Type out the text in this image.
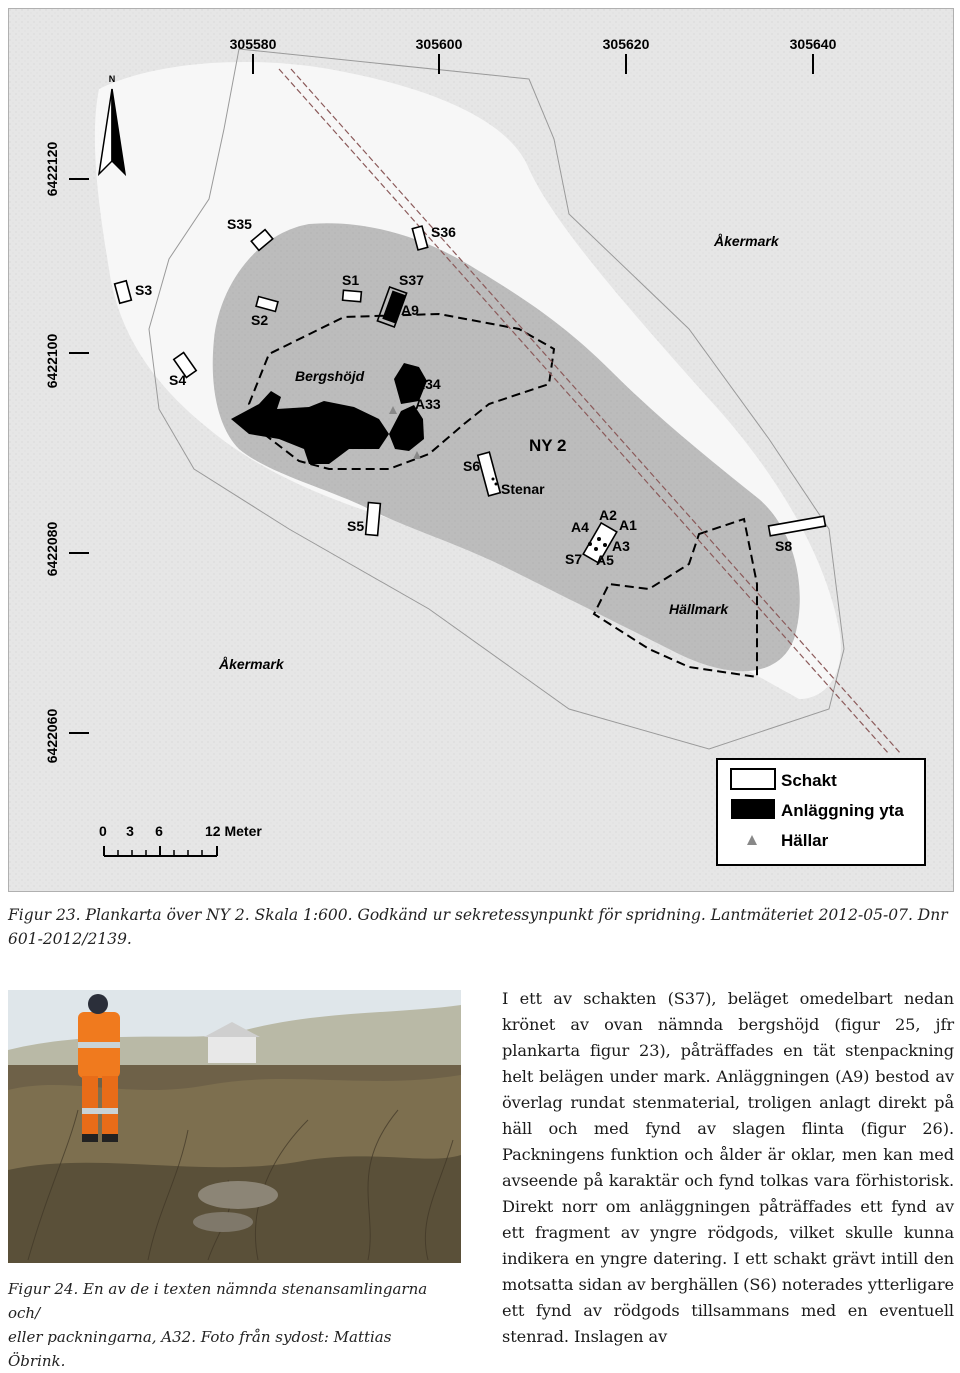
305580	305600	305620	305640
6422120
6422100
6422080
6422060
N
Åkermark
Åkermark
Bergshöjd
Hällmark
Stenar
NY 2
S35	S36
S3
S2
S1	S37
S4
S5
S6
S7
S8
A9
A34
A33
A32
A2
A4 A1
A3
A5
0 3 6	12 Meter
Schakt
Anläggning yta
Hällar
Figur 23. Plankarta över NY 2. Skala 1:600. Godkänd ur sekretessynpunkt för spridning. Lantmäteriet 2012-05-07. Dnr 601-2012/2139.
Figur 24. En av de i texten nämnda stenansamlingarna och/
eller packningarna, A32. Foto från sydost: Mattias Öbrink.
I ett av schakten (S37), beläget omedelbart nedan krönet av ovan nämnda bergshöjd (figur 25, jfr plankarta figur 23), påträffades en tät stenpackning helt belägen under mark. Anläggningen (A9) bestod av överlag rundat stenmaterial, troligen anlagt direkt på häll och med fynd av slagen flinta (figur 26). Packningens funktion och ålder är oklar, men kan med avseende på karaktär och fynd tolkas vara förhistorisk. Direkt norr om anläggningen påträffades ett fynd av ett fragment av yngre rödgods, vilket skulle kunna indikera en yngre datering. I ett schakt grävt intill den motsatta sidan av berghällen (S6) noterades ytterligare ett fynd av rödgods tillsammans med en eventuell stenrad. Inslagen av
